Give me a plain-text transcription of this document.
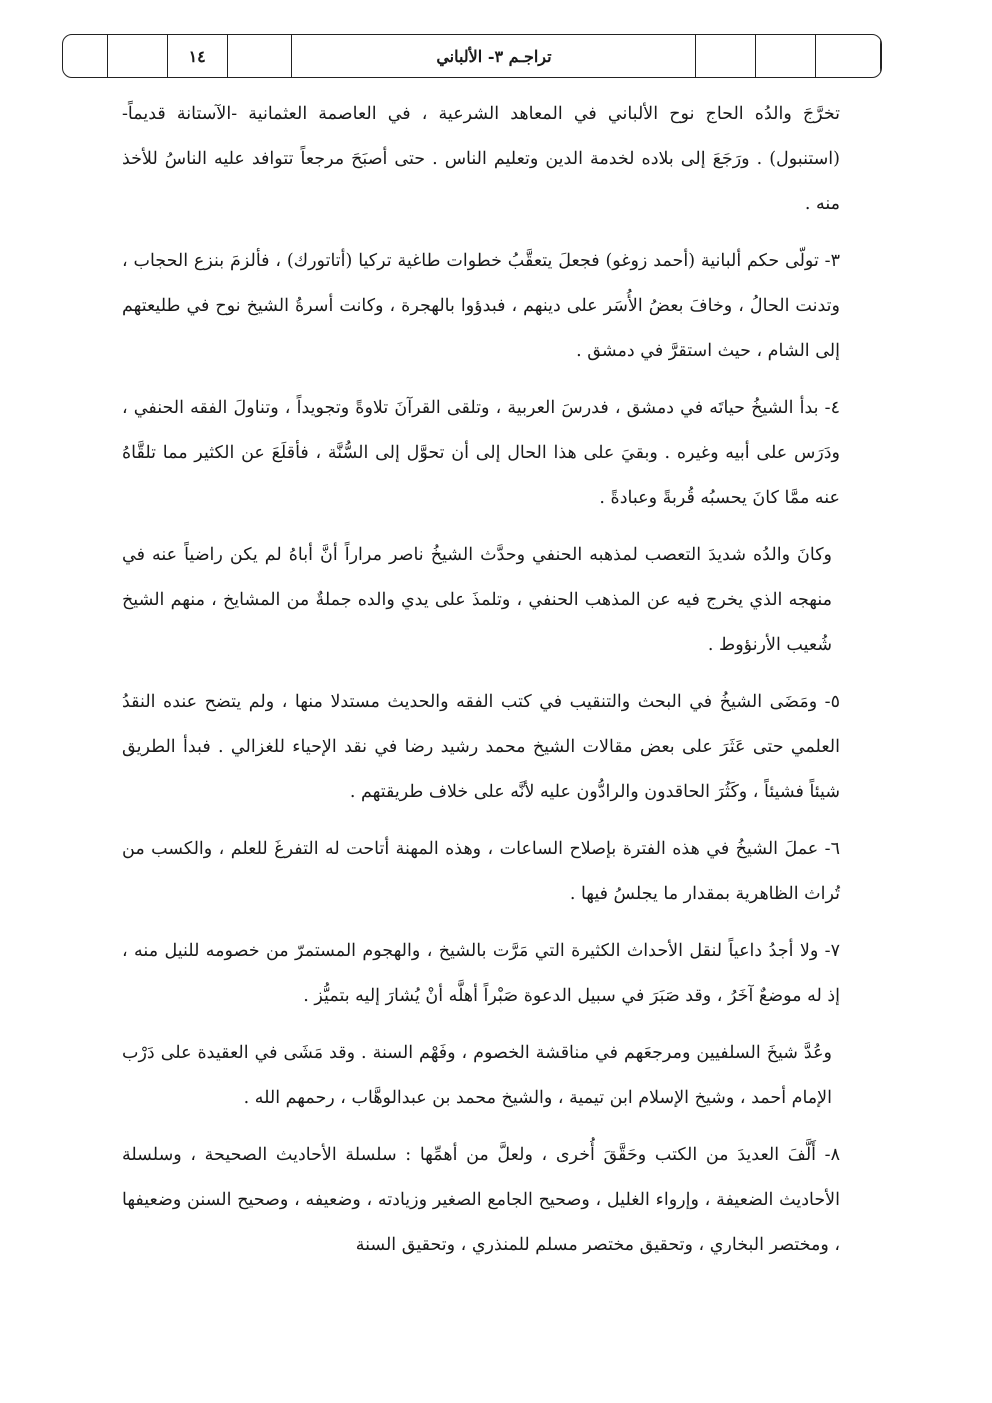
١٤	تراجـم ٣- الألباني
تخرَّجَ والدُه الحاج نوح الألباني في المعاهد الشرعية ، في العاصمة العثمانية -الآستانة قديماً- (استنبول) . ورَجَعَ إلى بلاده لخدمة الدين وتعليم الناس . حتى أصبَحَ مرجعاً تتوافد عليه الناسُ للأخذ منه .
٣- تولّى حكم ألبانية (أحمد زوغو) فجعلَ يتعقَّبُ خطوات طاغية تركيا (أتاتورك) ، فألزمَ بنزع الحجاب ، وتدنت الحالُ ، وخافَ بعضُ الأُسَر على دينهم ، فبدؤوا بالهجرة ، وكانت أسرةُ الشيخ نوح في طليعتهم إلى الشام ، حيث استقرَّ في دمشق .
٤- بدأ الشيخُ حياتَه في دمشق ، فدرسَ العربية ، وتلقى القرآنَ تلاوةً وتجويداً ، وتناولَ الفقه الحنفي ، ودَرَس على أبيه وغيره . وبقيَ على هذا الحال إلى أن تحوَّل إلى السُّنَّة ، فأقلَعَ عن الكثير مما تلقَّاهُ عنه ممَّا كانَ يحسبُه قُربةً وعبادةً .
وكانَ والدُه شديدَ التعصب لمذهبه الحنفي وحدَّث الشيخُ ناصر مراراً أنَّ أباهُ لم يكن راضياً عنه في منهجه الذي يخرج فيه عن المذهب الحنفي ، وتلمذَ على يدي والده جملةٌ من المشايخ ، منهم الشيخ شُعيب الأرنؤوط .
٥- ومَضَى الشيخُ في البحث والتنقيب في كتب الفقه والحديث مستدلا منها ، ولم يتضح عنده النقدُ العلمي حتى عَثَرَ على بعض مقالات الشيخ محمد رشيد رضا في نقد الإحياء للغزالي . فبدأ الطريق شيئاً فشيئاً ، وكَثُرَ الحاقدون والرادُّون عليه لأنَّه على خلاف طريقتهم .
٦- عملَ الشيخُ في هذه الفترة بإصلاح الساعات ، وهذه المهنة أتاحت له التفرغَ للعلم ، والكسب من تُراث الظاهرية بمقدار ما يجلسُ فيها .
٧- ولا أجدُ داعياً لنقل الأحداث الكثيرة التي مَرَّت بالشيخ ، والهجوم المستمرّ من خصومه للنيل منه ، إذ له موضعٌ آخَرُ ، وقد صَبَرَ في سبيل الدعوة صَبْراً أهلَّه أنْ يُشارَ إليه بتميُّز .
وعُدَّ شيخَ السلفيين ومرجعَهم في مناقشة الخصوم ، وفَهْم السنة . وقد مَشَى في العقيدة على دَرْب الإمام أحمد ، وشيخ الإسلام ابن تيمية ، والشيخ محمد بن عبدالوهَّاب ، رحمهم الله .
٨- أَلَّفَ العديدَ من الكتب وحَقَّقَ أُخرى ، ولعلَّ من أهمِّها : سلسلة الأحاديث الصحيحة ، وسلسلة الأحاديث الضعيفة ، وإرواء الغليل ، وصحيح الجامع الصغير وزيادته ، وضعيفه ، وصحيح السنن وضعيفها ، ومختصر البخاري ، وتحقيق مختصر مسلم للمنذري ، وتحقيق السنة
